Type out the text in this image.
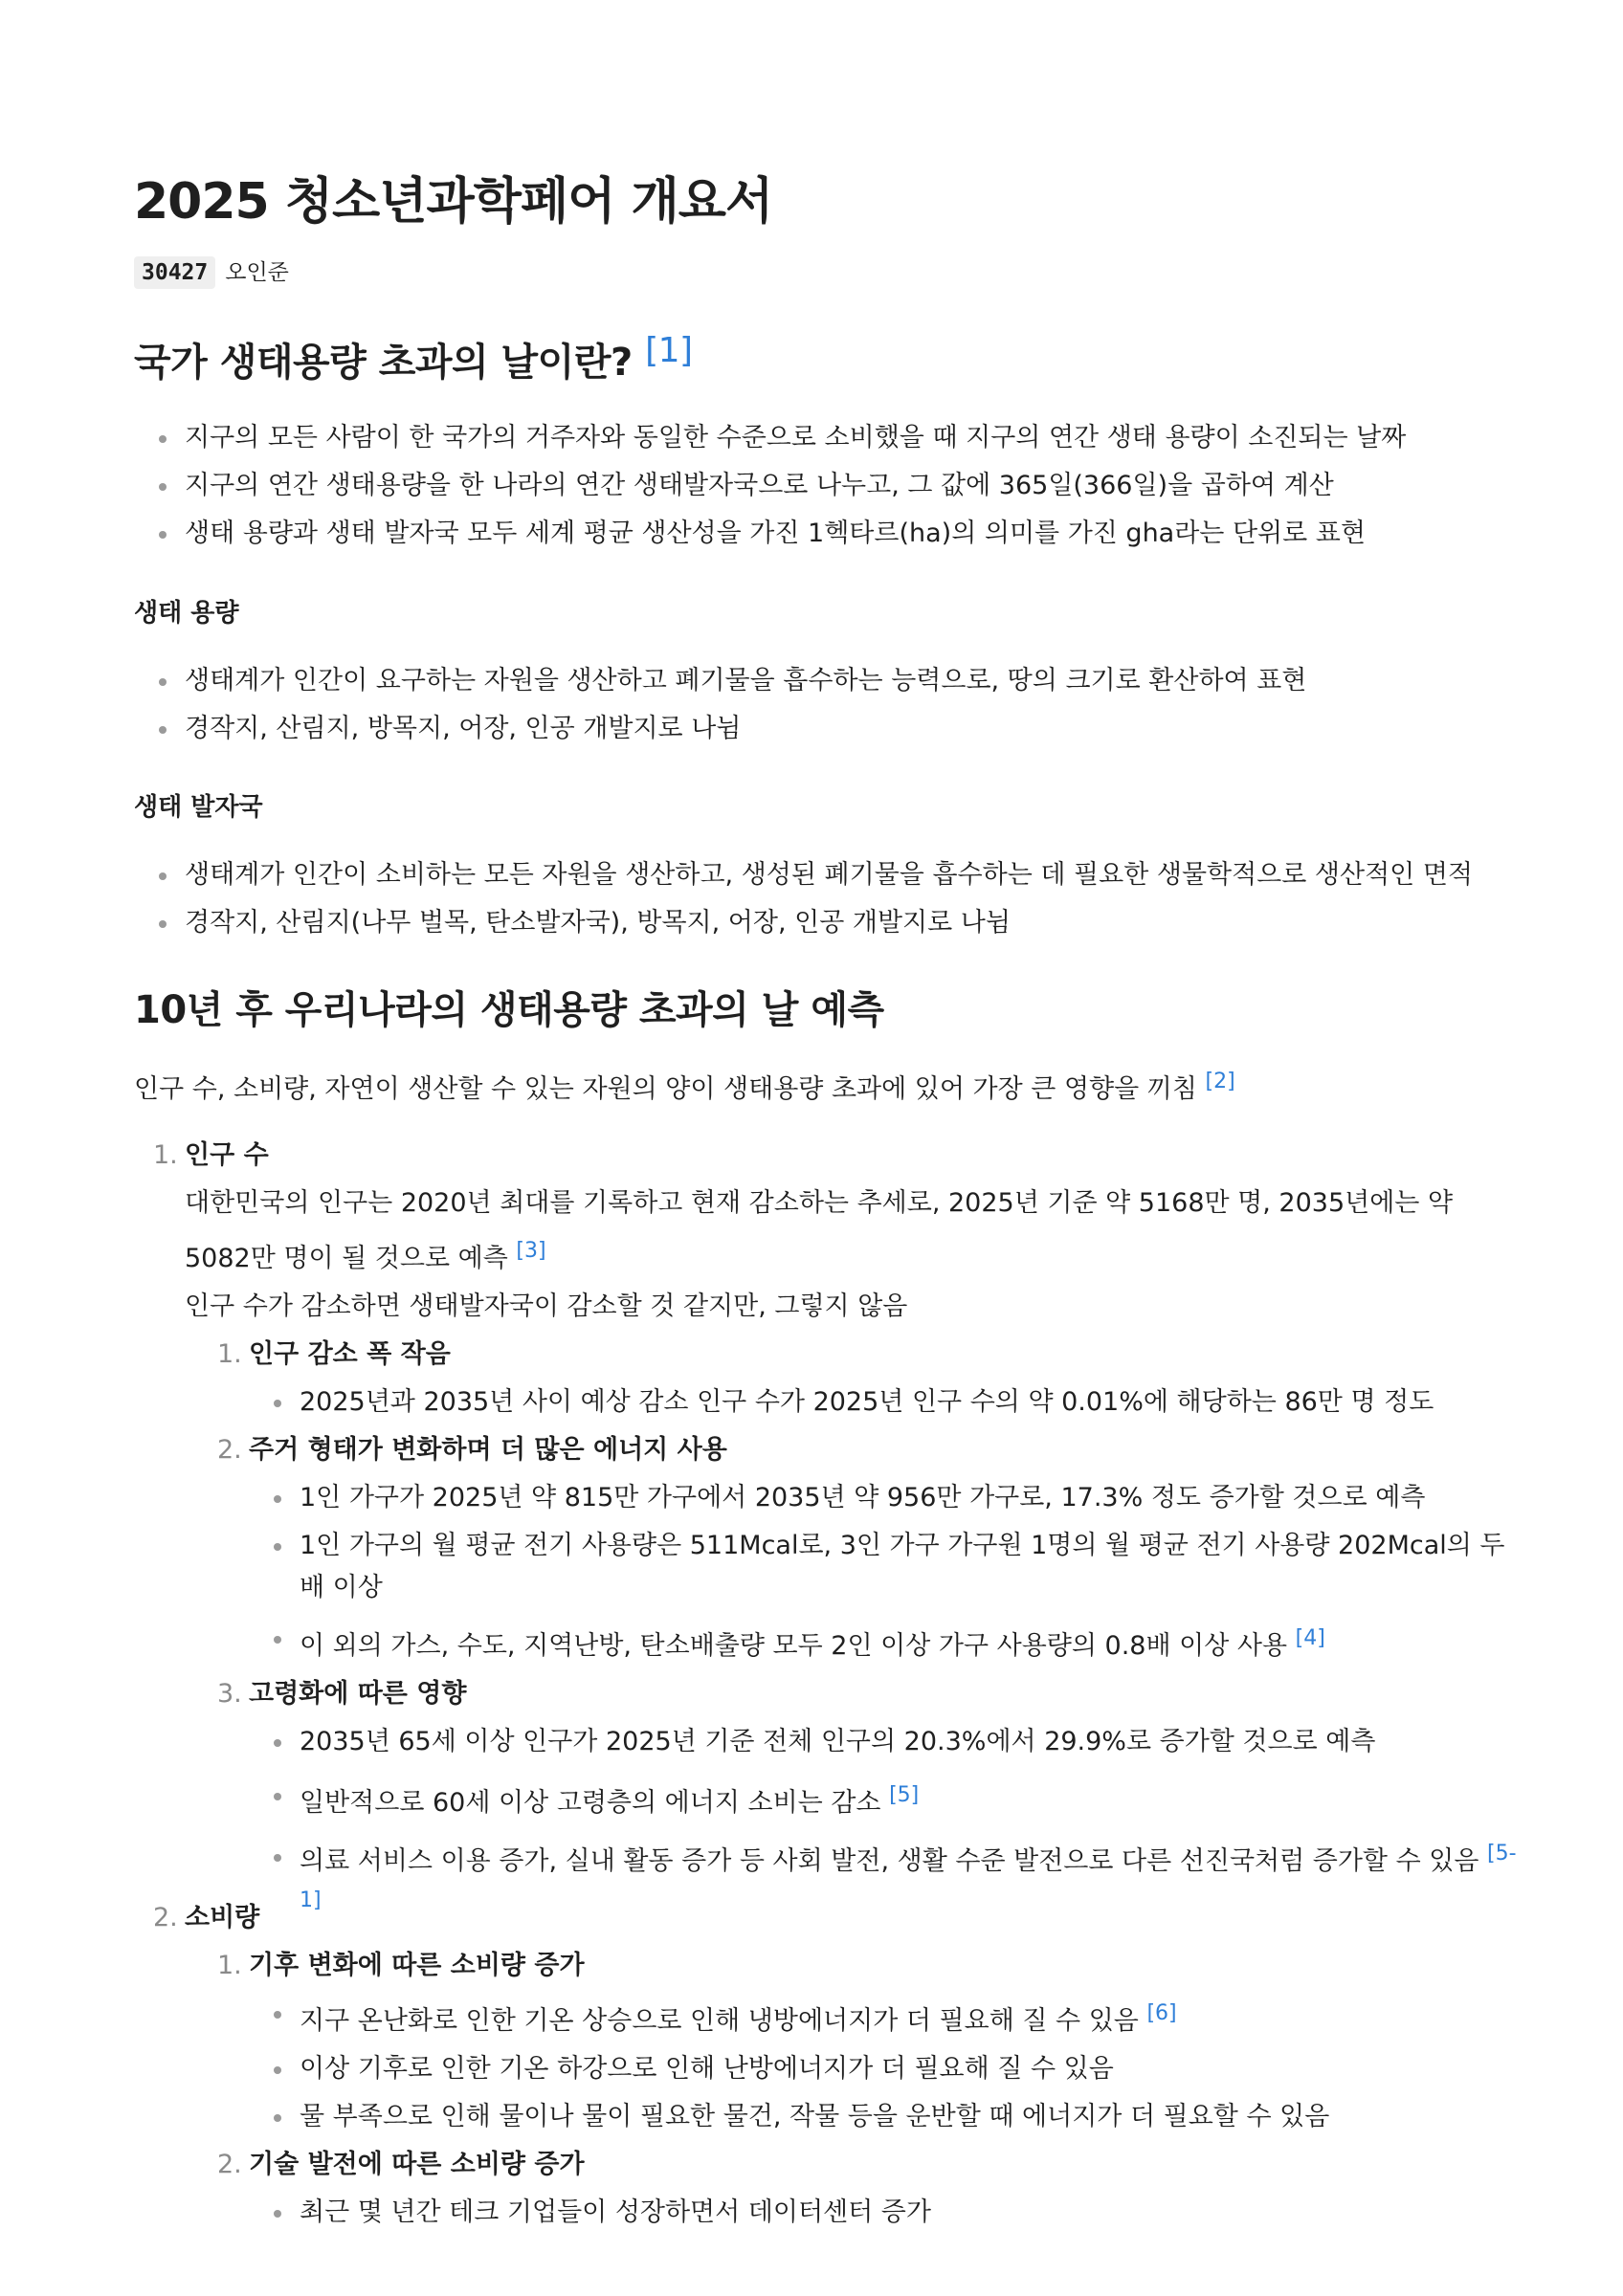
2025 청소년과학페어 개요서
30427 오인준
국가 생태용량 초과의 날이란? [1]
지구의 모든 사람이 한 국가의 거주자와 동일한 수준으로 소비했을 때 지구의 연간 생태 용량이 소진되는 날짜
지구의 연간 생태용량을 한 나라의 연간 생태발자국으로 나누고, 그 값에 365일(366일)을 곱하여 계산
생태 용량과 생태 발자국 모두 세계 평균 생산성을 가진 1헥타르(ha)의 의미를 가진 gha라는 단위로 표현
생태 용량
생태계가 인간이 요구하는 자원을 생산하고 폐기물을 흡수하는 능력으로, 땅의 크기로 환산하여 표현
경작지, 산림지, 방목지, 어장, 인공 개발지로 나뉨
생태 발자국
생태계가 인간이 소비하는 모든 자원을 생산하고, 생성된 폐기물을 흡수하는 데 필요한 생물학적으로 생산적인 면적
경작지, 산림지(나무 벌목, 탄소발자국), 방목지, 어장, 인공 개발지로 나뉨
10년 후 우리나라의 생태용량 초과의 날 예측

인구 수, 소비량, 자연이 생산할 수 있는 자원의 양이 생태용량 초과에 있어 가장 큰 영향을 끼침 [2]

1. 인구 수
대한민국의 인구는 2020년 최대를 기록하고 현재 감소하는 추세로, 2025년 기준 약 5168만 명, 2035년에는 약
5082만 명이 될 것으로 예측 [3]
인구 수가 감소하면 생태발자국이 감소할 것 같지만, 그렇지 않음
1. 인구 감소 폭 작음
2025년과 2035년 사이 예상 감소 인구 수가 2025년 인구 수의 약 0.01%에 해당하는 86만 명 정도
2. 주거 형태가 변화하며 더 많은 에너지 사용
1인 가구가 2025년 약 815만 가구에서 2035년 약 956만 가구로, 17.3% 정도 증가할 것으로 예측
1인 가구의 월 평균 전기 사용량은 511Mcal로, 3인 가구 가구원 1명의 월 평균 전기 사용량 202Mcal의 두
배 이상
이 외의 가스, 수도, 지역난방, 탄소배출량 모두 2인 이상 가구 사용량의 0.8배 이상 사용 [4]
3. 고령화에 따른 영향
2035년 65세 이상 인구가 2025년 기준 전체 인구의 20.3%에서 29.9%로 증가할 것으로 예측
일반적으로 60세 이상 고령층의 에너지 소비는 감소 [5]
의료 서비스 이용 증가, 실내 활동 증가 등 사회 발전, 생활 수준 발전으로 다른 선진국처럼 증가할 수 있음 $^{[5-}$
1]
2. 소비량
1. 기후 변화에 따른 소비량 증가
지구 온난화로 인한 기온 상승으로 인해 냉방에너지가 더 필요해 질 수 있음 [6]
이상 기후로 인한 기온 하강으로 인해 난방에너지가 더 필요해 질 수 있음
물 부족으로 인해 물이나 물이 필요한 물건, 작물 등을 운반할 때 에너지가 더 필요할 수 있음
2. 기술 발전에 따른 소비량 증가
최근 몇 년간 테크 기업들이 성장하면서 데이터센터 증가
